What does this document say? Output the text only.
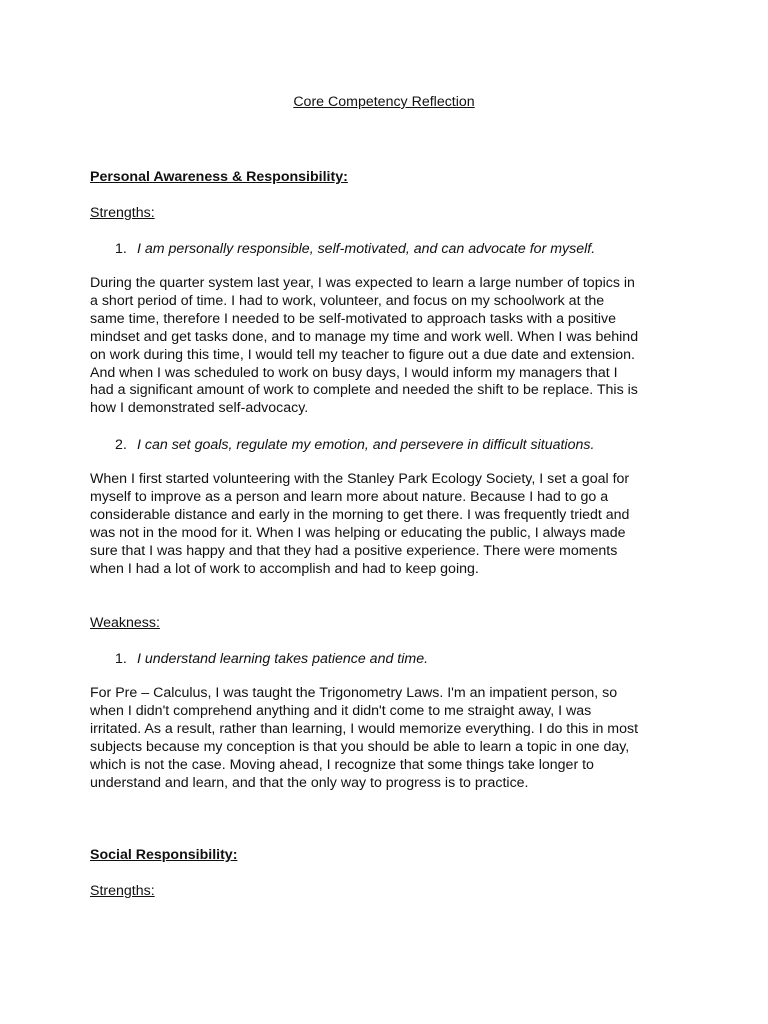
Core Competency Reflection
Personal Awareness & Responsibility:
Strengths:
1. I am personally responsible, self-motivated, and can advocate for myself.
During the quarter system last year, I was expected to learn a large number of topics in
a short period of time. I had to work, volunteer, and focus on my schoolwork at the
same time, therefore I needed to be self-motivated to approach tasks with a positive
mindset and get tasks done, and to manage my time and work well. When I was behind
on work during this time, I would tell my teacher to figure out a due date and extension.
And when I was scheduled to work on busy days, I would inform my managers that I
had a significant amount of work to complete and needed the shift to be replace. This is
how I demonstrated self-advocacy.
2. I can set goals, regulate my emotion, and persevere in difficult situations.
When I first started volunteering with the Stanley Park Ecology Society, I set a goal for
myself to improve as a person and learn more about nature. Because I had to go a
considerable distance and early in the morning to get there. I was frequently triedt and
was not in the mood for it. When I was helping or educating the public, I always made
sure that I was happy and that they had a positive experience. There were moments
when I had a lot of work to accomplish and had to keep going.
Weakness:
1. I understand learning takes patience and time.
For Pre – Calculus, I was taught the Trigonometry Laws. I'm an impatient person, so
when I didn't comprehend anything and it didn't come to me straight away, I was
irritated. As a result, rather than learning, I would memorize everything. I do this in most
subjects because my conception is that you should be able to learn a topic in one day,
which is not the case. Moving ahead, I recognize that some things take longer to
understand and learn, and that the only way to progress is to practice.
Social Responsibility:
Strengths:
